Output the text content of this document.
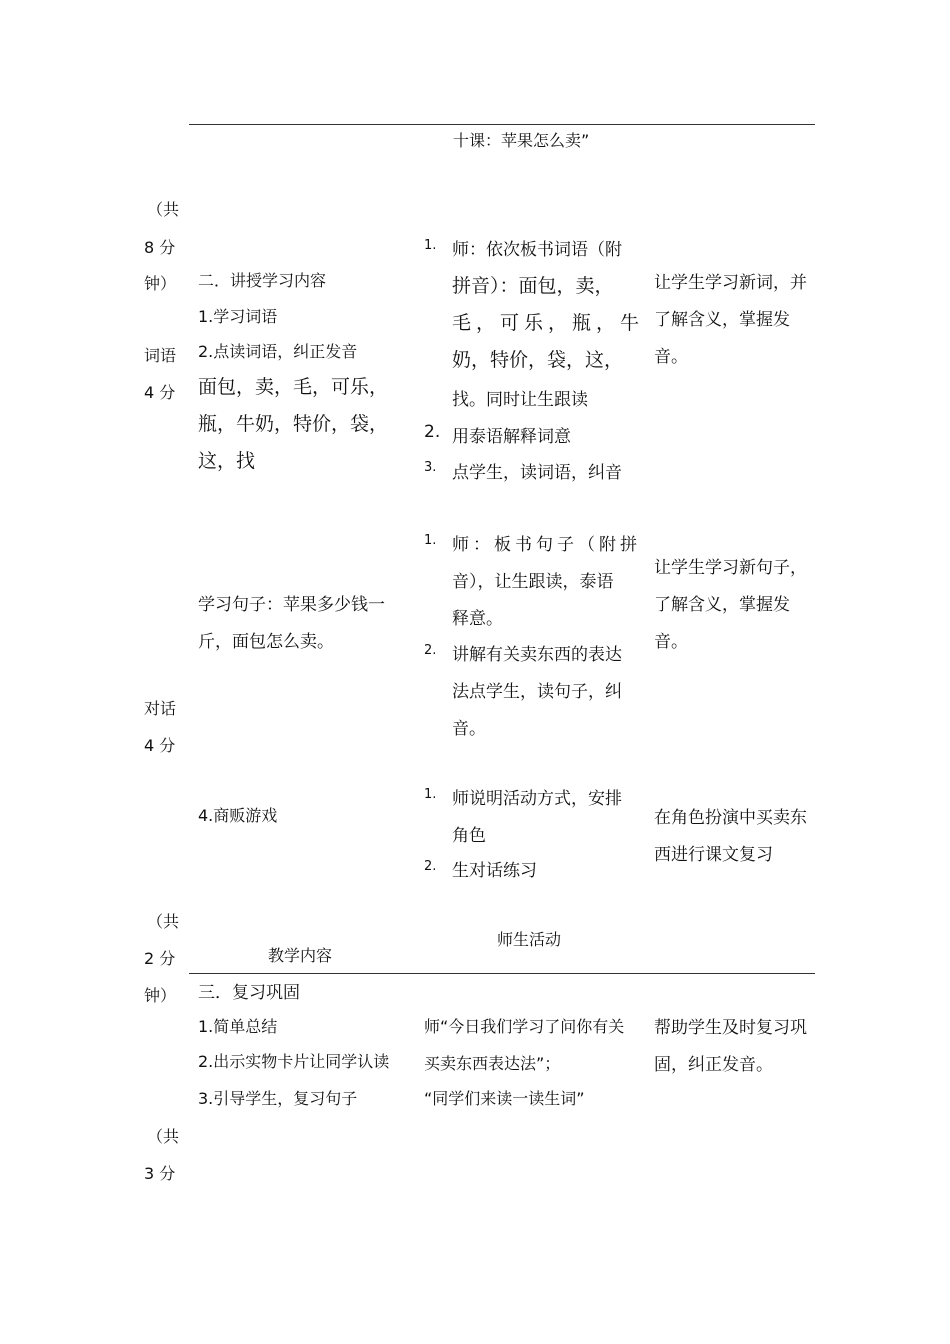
十课：苹果怎么卖”
（共
8 分
钟）
词语
4 分
对话
4 分
（共
2 分
钟）
（共
3 分
二．讲授学习内容
1.学习词语
2.点读词语，纠正发音
面包，卖，毛，可乐，
瓶，牛奶，特价，袋，
这，找
1. 师：依次板书词语（附
拼音）：面包，卖，
毛，可乐，瓶，牛
奶，特价，袋，这，
找。同时让生跟读
2. 用泰语解释词意
3. 点学生，读词语，纠音
让学生学习新词，并
了解含义，掌握发
音。
1. 师：板书句子（附拼
音），让生跟读，泰语
释意。
2. 讲解有关卖东西的表达
法点学生，读句子，纠
音。
学习句子：苹果多少钱一
斤，面包怎么卖。
让学生学习新句子，
了解含义，掌握发
音。
4.商贩游戏
1. 师说明活动方式，安排
角色
2. 生对话练习
在角色扮演中买卖东
西进行课文复习
教学内容
师生活动
三．复习巩固
1.简单总结
2.出示实物卡片让同学认读
3.引导学生，复习句子
师“今日我们学习了问你有关
买卖东西表达法”；
“同学们来读一读生词”
帮助学生及时复习巩
固，纠正发音。
